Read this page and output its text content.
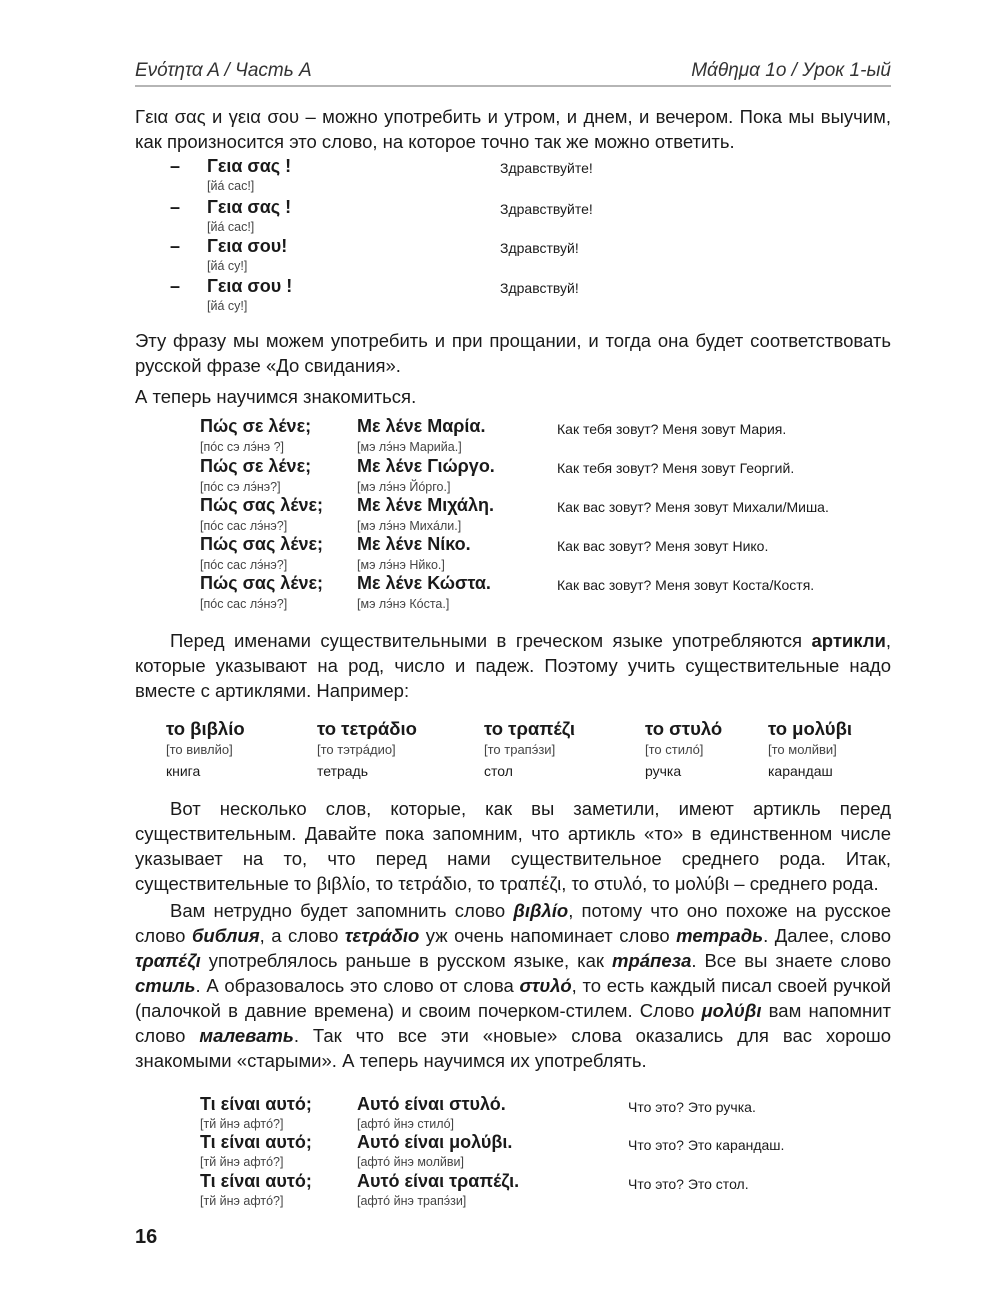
Ενότητα Α / Часть А	Μάθημα 1ο / Урок 1-ый

Γεια σας и γεια σου – можно употребить и утром, и днем, и вечером. Пока мы выучим, как произносится это слово, на которое точно так же можно ответить.

– Γεια σας !
[йá сас!]
Здравствуйте!
– Γεια σας !
[йá сас!]
Здравствуйте!
– Γεια σου!
[йá су!]
Здравствуй!
– Γεια σου !
[йá су!]
Здравствуй!

Эту фразу мы можем употребить и при прощании, и тогда она будет соответствовать русской фразе «До свидания».

А теперь научимся знакомиться.

Πώς σε λένε;
[пóс сэ лэ́нэ ?]
Με λένε Μαρία.
[мэ лэ́нэ Марийа.]
Как тебя зовут? Меня зовут Мария.
Πώς σε λένε;
[пóс сэ лэ́нэ?]
Με λένε Γιώργο.
[мэ лэ́нэ Йóрго.]
Как тебя зовут? Меня зовут Георгий.
Πώς σας λένε;
[пóс сас лэ́нэ?]
Με λένε Μιχάλη.
[мэ лэ́нэ Михáли.]
Как вас зовут? Меня зовут Михали/Миша.
Πώς σας λένε;
[пóс сас лэ́нэ?]
Με λένε Νίκο.
[мэ лэ́нэ Нйко.]
Как вас зовут? Меня зовут Нико.
Πώς σας λένε;
[пóс сас лэ́нэ?]
Με λένε Κώστα.
[мэ лэ́нэ Кóста.]
Как вас зовут? Меня зовут Коста/Костя.

Перед именами существительными в греческом языке употребляются артикли, которые указывают на род, число и падеж. Поэтому учить существительные надо вместе с артиклями. Например:

το βιβλίο
[то вивлйо]
книга
το τετράδιο
[то тэтрáдио]
тетрадь
το τραπέζι
[то трапэ́зи]
стол
το στυλό
[то стилó]
ручка
το μολύβι
[то молйви]
карандаш

Вот несколько слов, которые, как вы заметили, имеют артикль перед существительным. Давайте пока запомним, что артикль «то» в единственном числе указывает на то, что перед нами существительное среднего рода. Итак, существительные το βιβλίο, το τετράδιο, το τραπέζι, το στυλό, το μολύβι – среднего рода.

Вам нетрудно будет запомнить слово βιβλίο, потому что оно похоже на русское слово библия, а слово τετράδιο уж очень напоминает слово тетрадь. Далее, слово τραπέζι употреблялось раньше в русском языке, как трáпеза. Все вы знаете слово стиль. А образовалось это слово от слова στυλό, то есть каждый писал своей ручкой (палочкой в давние времена) и своим почерком-стилем. Слово μολύβι вам напомнит слово малевать. Так что все эти «новые» слова оказались для вас хорошо знакомыми «старыми». А теперь научимся их употреблять.

Τι είναι αυτό;
[тй йнэ афтó?]
Αυτό είναι στυλό.
[афтó йнэ стилó]
Что это? Это ручка.
Τι είναι αυτό;
[тй йнэ афтó?]
Αυτό είναι μολύβι.
[афтó йнэ молйви]
Что это? Это карандаш.
Τι είναι αυτό;
[тй йнэ афтó?]
Αυτό είναι τραπέζι.
[афтó йнэ трапэ́зи]
Что это? Это стол.
16
